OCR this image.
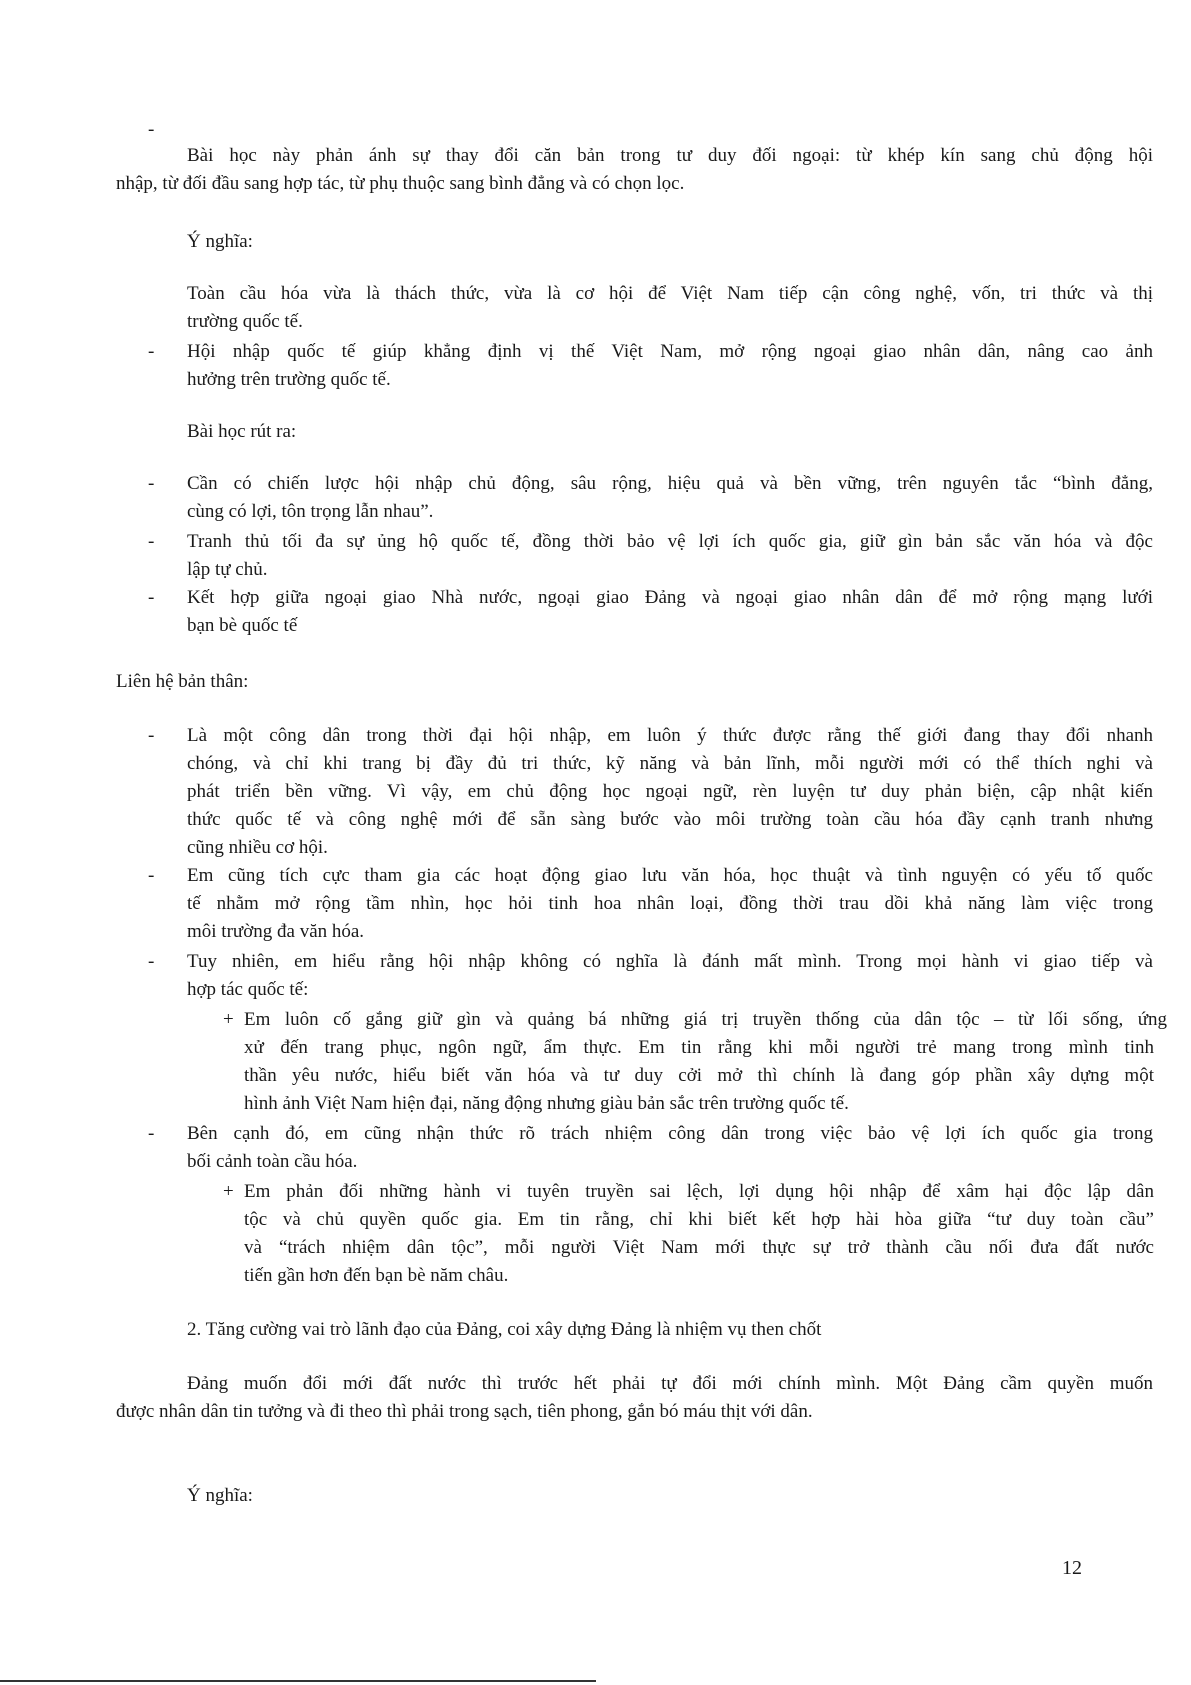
-
Bài học này phản ánh sự thay đổi căn bản trong tư duy đối ngoại: từ khép kín sang chủ động hội
nhập, từ đối đầu sang hợp tác, từ phụ thuộc sang bình đẳng và có chọn lọc.
Ý nghĩa:
Toàn cầu hóa vừa là thách thức, vừa là cơ hội để Việt Nam tiếp cận công nghệ, vốn, tri thức và thị
trường quốc tế.
- Hội nhập quốc tế giúp khẳng định vị thế Việt Nam, mở rộng ngoại giao nhân dân, nâng cao ảnh
hưởng trên trường quốc tế.
Bài học rút ra:
- Cần có chiến lược hội nhập chủ động, sâu rộng, hiệu quả và bền vững, trên nguyên tắc “bình đẳng,
cùng có lợi, tôn trọng lẫn nhau”.
- Tranh thủ tối đa sự ủng hộ quốc tế, đồng thời bảo vệ lợi ích quốc gia, giữ gìn bản sắc văn hóa và độc
lập tự chủ.
- Kết hợp giữa ngoại giao Nhà nước, ngoại giao Đảng và ngoại giao nhân dân để mở rộng mạng lưới
bạn bè quốc tế
Liên hệ bản thân:
- Là một công dân trong thời đại hội nhập, em luôn ý thức được rằng thế giới đang thay đổi nhanh
chóng, và chỉ khi trang bị đầy đủ tri thức, kỹ năng và bản lĩnh, mỗi người mới có thể thích nghi và
phát triển bền vững. Vì vậy, em chủ động học ngoại ngữ, rèn luyện tư duy phản biện, cập nhật kiến
thức quốc tế và công nghệ mới để sẵn sàng bước vào môi trường toàn cầu hóa đầy cạnh tranh nhưng
cũng nhiều cơ hội.
- Em cũng tích cực tham gia các hoạt động giao lưu văn hóa, học thuật và tình nguyện có yếu tố quốc
tế nhằm mở rộng tầm nhìn, học hỏi tinh hoa nhân loại, đồng thời trau dồi khả năng làm việc trong
môi trường đa văn hóa.
- Tuy nhiên, em hiểu rằng hội nhập không có nghĩa là đánh mất mình. Trong mọi hành vi giao tiếp và
hợp tác quốc tế:
+ Em luôn cố gắng giữ gìn và quảng bá những giá trị truyền thống của dân tộc – từ lối sống, ứng
xử đến trang phục, ngôn ngữ, ẩm thực. Em tin rằng khi mỗi người trẻ mang trong mình tinh
thần yêu nước, hiểu biết văn hóa và tư duy cởi mở thì chính là đang góp phần xây dựng một
hình ảnh Việt Nam hiện đại, năng động nhưng giàu bản sắc trên trường quốc tế.
- Bên cạnh đó, em cũng nhận thức rõ trách nhiệm công dân trong việc bảo vệ lợi ích quốc gia trong
bối cảnh toàn cầu hóa.
+ Em phản đối những hành vi tuyên truyền sai lệch, lợi dụng hội nhập để xâm hại độc lập dân
tộc và chủ quyền quốc gia. Em tin rằng, chỉ khi biết kết hợp hài hòa giữa “tư duy toàn cầu”
và “trách nhiệm dân tộc”, mỗi người Việt Nam mới thực sự trở thành cầu nối đưa đất nước
tiến gần hơn đến bạn bè năm châu.
2. Tăng cường vai trò lãnh đạo của Đảng, coi xây dựng Đảng là nhiệm vụ then chốt
Đảng muốn đổi mới đất nước thì trước hết phải tự đổi mới chính mình. Một Đảng cầm quyền muốn
được nhân dân tin tưởng và đi theo thì phải trong sạch, tiên phong, gắn bó máu thịt với dân.
Ý nghĩa:
12
